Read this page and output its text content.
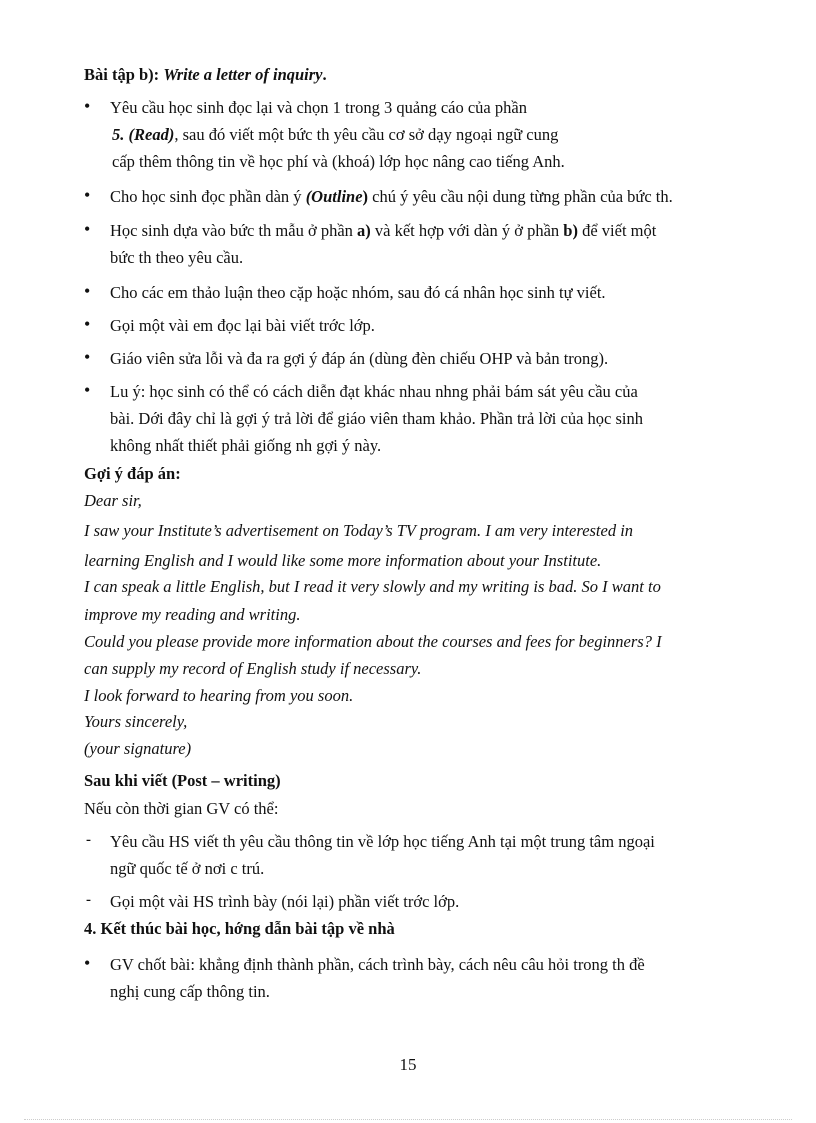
Bài tập b): Write a letter of inquiry.
• Yêu cầu học sinh đọc lại và chọn 1 trong 3 quảng cáo của phần
5. (Read), sau đó viết một bức th yêu cầu cơ sở dạy ngoại ngữ cung
cấp thêm thông tin về học phí và (khoá) lớp học nâng cao tiếng Anh.
• Cho học sinh đọc phần dàn ý (Outline) chú ý yêu cầu nội dung từng phần của bức th.
• Học sinh dựa vào bức th mẫu ở phần a) và kết hợp với dàn ý ở phần b) để viết một
bức th theo yêu cầu.
• Cho các em thảo luận theo cặp hoặc nhóm, sau đó cá nhân học sinh tự viết.
• Gọi một vài em đọc lại bài viết trớc lớp.
• Giáo viên sửa lỗi và đa ra gợi ý đáp án (dùng đèn chiếu OHP và bản trong).
• Lu ý: học sinh có thể có cách diễn đạt khác nhau nhng phải bám sát yêu cầu của
bài. Dới đây chỉ là gợi ý trả lời để giáo viên tham khảo. Phần trả lời của học sinh
không nhất thiết phải giống nh gợi ý này.
Gợi ý đáp án:
Dear sir,
I saw your Institute’s advertisement on Today’s TV program. I am very interested in
learning English and I would like some more information about your Institute.
I can speak a little English, but I read it very slowly and my writing is bad. So I want to
improve my reading and writing.
Could you please provide more information about the courses and fees for beginners? I
can supply my record of English study if necessary.
I look forward to hearing from you soon.
Yours sincerely,
(your signature)
Sau khi viết (Post – writing)
Nếu còn thời gian GV có thể:
- Yêu cầu HS viết th yêu cầu thông tin về lớp học tiếng Anh tại một trung tâm ngoại
ngữ quốc tế ở nơi c trú.
- Gọi một vài HS trình bày (nói lại) phần viết trớc lớp.
4. Kết thúc bài học, hớng dẫn bài tập về nhà
• GV chốt bài: khẳng định thành phần, cách trình bày, cách nêu câu hỏi trong th đề
nghị cung cấp thông tin.
15
